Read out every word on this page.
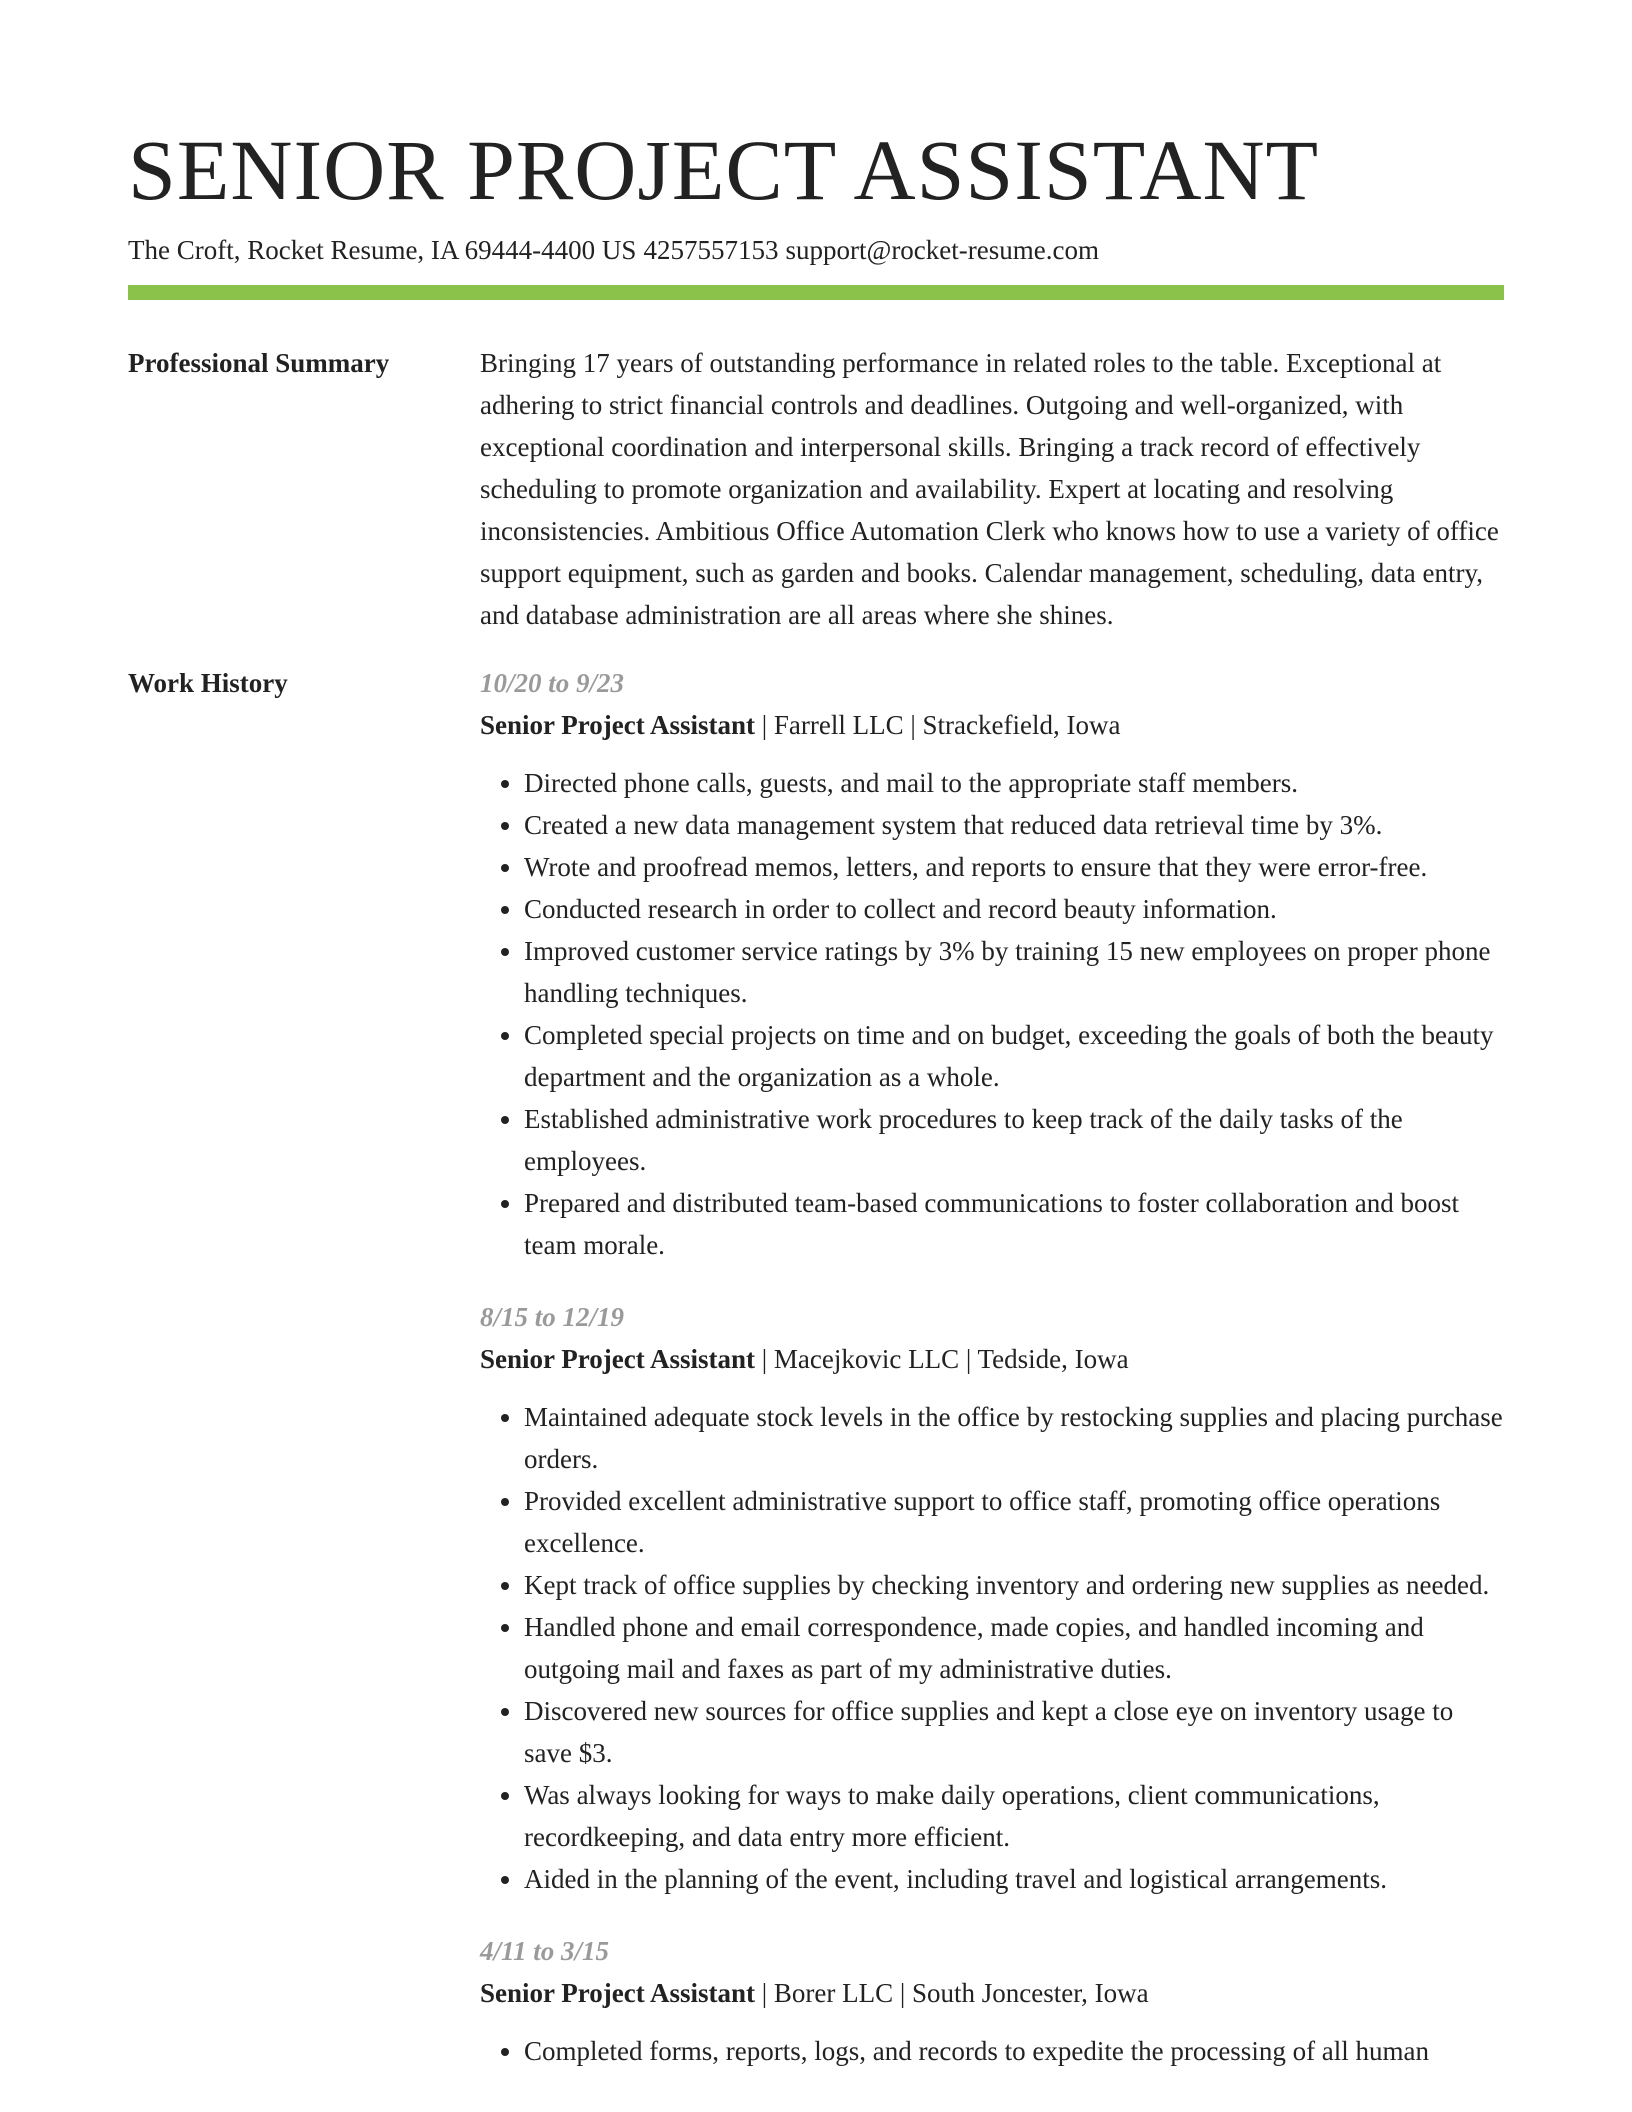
SENIOR PROJECT ASSISTANT
The Croft, Rocket Resume, IA 69444-4400 US 4257557153 support@rocket-resume.com
Professional Summary	Bringing 17 years of outstanding performance in related roles to the table. Exceptional at adhering to strict financial controls and deadlines. Outgoing and well-organized, with exceptional coordination and interpersonal skills. Bringing a track record of effectively scheduling to promote organization and availability. Expert at locating and resolving inconsistencies. Ambitious Office Automation Clerk who knows how to use a variety of office support equipment, such as garden and books. Calendar management, scheduling, data entry, and database administration are all areas where she shines.
Work History	10/20 to 9/23
Senior Project Assistant | Farrell LLC | Strackefield, Iowa
• Directed phone calls, guests, and mail to the appropriate staff members.
• Created a new data management system that reduced data retrieval time by 3%.
• Wrote and proofread memos, letters, and reports to ensure that they were error-free.
• Conducted research in order to collect and record beauty information.
• Improved customer service ratings by 3% by training 15 new employees on proper phone handling techniques.
• Completed special projects on time and on budget, exceeding the goals of both the beauty department and the organization as a whole.
• Established administrative work procedures to keep track of the daily tasks of the employees.
• Prepared and distributed team-based communications to foster collaboration and boost team morale.
8/15 to 12/19
Senior Project Assistant | Macejkovic LLC | Tedside, Iowa
• Maintained adequate stock levels in the office by restocking supplies and placing purchase orders.
• Provided excellent administrative support to office staff, promoting office operations excellence.
• Kept track of office supplies by checking inventory and ordering new supplies as needed.
• Handled phone and email correspondence, made copies, and handled incoming and outgoing mail and faxes as part of my administrative duties.
• Discovered new sources for office supplies and kept a close eye on inventory usage to save $3.
• Was always looking for ways to make daily operations, client communications, recordkeeping, and data entry more efficient.
• Aided in the planning of the event, including travel and logistical arrangements.
4/11 to 3/15
Senior Project Assistant | Borer LLC | South Joncester, Iowa
• Completed forms, reports, logs, and records to expedite the processing of all human
